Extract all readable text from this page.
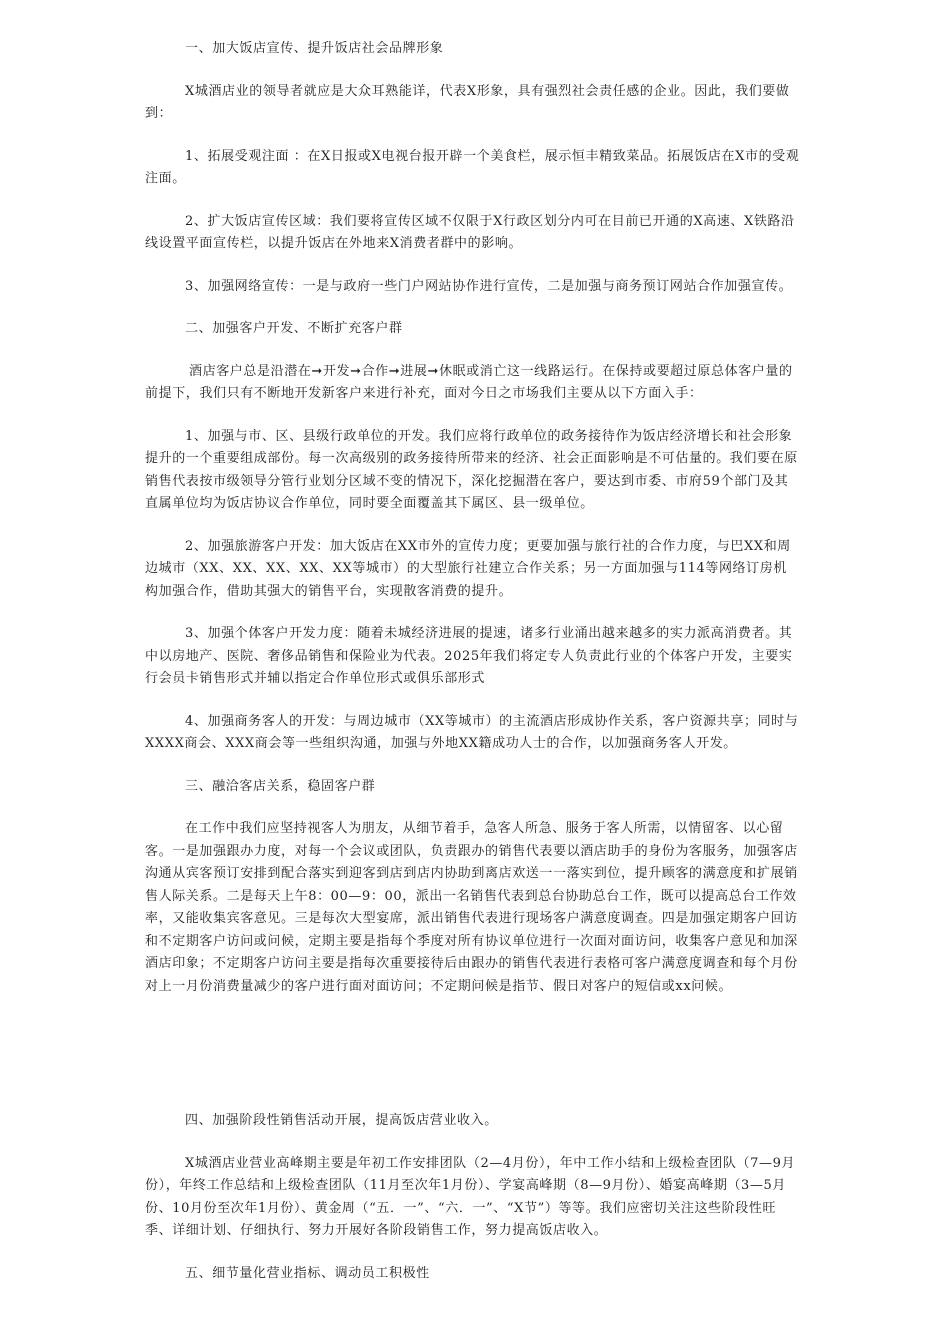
一、加大饭店宣传、提升饭店社会品牌形象

X城酒店业的领导者就应是大众耳熟能详，代表X形象，具有强烈社会责任感的企业。因此，我们要做到：

1、拓展受观注面 ：在X日报或X电视台报开辟一个美食栏，展示恒丰精致菜品。拓展饭店在X市的受观注面。

2、扩大饭店宣传区域：我们要将宣传区域不仅限于X行政区划分内可在目前已开通的X高速、X铁路沿线设置平面宣传栏，以提升饭店在外地来X消费者群中的影响。

3、加强网络宣传：一是与政府一些门户网站协作进行宣传，二是加强与商务预订网站合作加强宣传。

二、加强客户开发、不断扩充客户群

酒店客户总是沿潜在➞开发➞合作➞进展➞休眠或消亡这一线路运行。在保持或要超过原总体客户量的前提下，我们只有不断地开发新客户来进行补充，面对今日之市场我们主要从以下方面入手：

1、加强与市、区、县级行政单位的开发。我们应将行政单位的政务接待作为饭店经济增长和社会形象提升的一个重要组成部份。每一次高级别的政务接待所带来的经济、社会正面影响是不可估量的。我们要在原销售代表按市级领导分管行业划分区域不变的情况下，深化挖掘潜在客户，要达到市委、市府59个部门及其直属单位均为饭店协议合作单位，同时要全面覆盖其下属区、县一级单位。

2、加强旅游客户开发：加大饭店在XX市外的宣传力度；更要加强与旅行社的合作力度，与巴XX和周边城市（XX、XX、XX、XX、XX等城市）的大型旅行社建立合作关系；另一方面加强与114等网络订房机构加强合作，借助其强大的销售平台，实现散客消费的提升。

3、加强个体客户开发力度：随着未城经济进展的提速，诸多行业涌出越来越多的实力派高消费者。其中以房地产、医院、奢侈品销售和保险业为代表。2025年我们将定专人负责此行业的个体客户开发，主要实行会员卡销售形式并辅以指定合作单位形式或俱乐部形式

4、加强商务客人的开发：与周边城市（XX等城市）的主流酒店形成协作关系，客户资源共享；同时与XXXX商会、XXX商会等一些组织沟通，加强与外地XX籍成功人士的合作，以加强商务客人开发。

三、融洽客店关系，稳固客户群

在工作中我们应坚持视客人为朋友，从细节着手，急客人所急、服务于客人所需，以情留客、以心留客。一是加强跟办力度，对每一个会议或团队，负责跟办的销售代表要以酒店助手的身份为客服务，加强客店沟通从宾客预订安排到配合落实到迎客到店到店内协助到离店欢送一一落实到位，提升顾客的满意度和扩展销售人际关系。二是每天上午8：00—9：00，派出一名销售代表到总台协助总台工作，既可以提高总台工作效率，又能收集宾客意见。三是每次大型宴席，派出销售代表进行现场客户满意度调查。四是加强定期客户回访和不定期客户访问或问候，定期主要是指每个季度对所有协议单位进行一次面对面访问，收集客户意见和加深酒店印象；不定期客户访问主要是指每次重要接待后由跟办的销售代表进行表格可客户满意度调查和每个月份对上一月份消费量减少的客户进行面对面访问；不定期问候是指节、假日对客户的短信或xx问候。

四、加强阶段性销售活动开展，提高饭店营业收入。

X城酒店业营业高峰期主要是年初工作安排团队（2—4月份），年中工作小结和上级检查团队（7—9月份），年终工作总结和上级检查团队（11月至次年1月份）、学宴高峰期（8—9月份）、婚宴高峰期（3—5月份、10月份至次年1月份）、黄金周（“五．一”、“六．一”、“X节”）等等。我们应密切关注这些阶段性旺季、详细计划、仔细执行、努力开展好各阶段销售工作，努力提高饭店收入。

五、细节量化营业指标、调动员工积极性
